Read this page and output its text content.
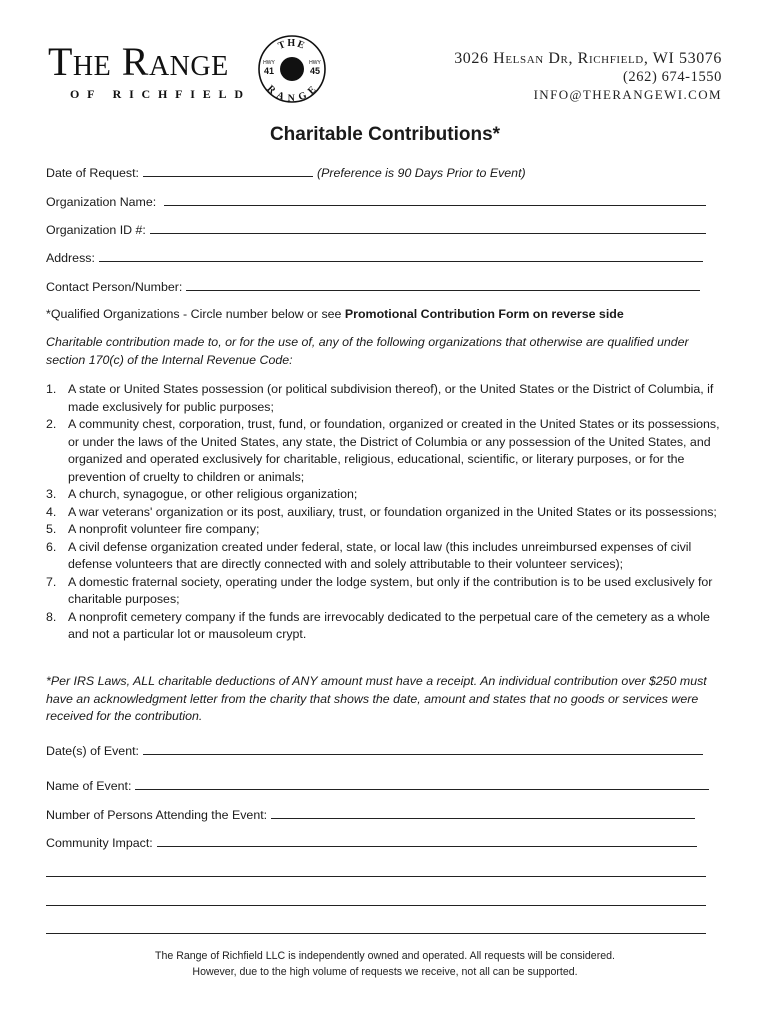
The Range
OF RICHFIELD
THE
RANGE
HWY
41
HWY
45
3026 Helsan Dr, Richfield, WI 53076
(262) 674-1550
INFO@THERANGEWI.COM
Charitable Contributions*
Date of Request:	(Preference is 90 Days Prior to Event)
Organization Name:
Organization ID #:
Address:
Contact Person/Number:
*Qualified Organizations - Circle number below or see Promotional Contribution Form on reverse side
Charitable contribution made to, or for the use of, any of the following organizations that otherwise are qualified under section 170(c) of the Internal Revenue Code:
1. A state or United States possession (or political subdivision thereof), or the United States or the District of Columbia, if made exclusively for public purposes;
2. A community chest, corporation, trust, fund, or foundation, organized or created in the United States or its possessions, or under the laws of the United States, any state, the District of Columbia or any possession of the United States, and organized and operated exclusively for charitable, religious, educational, scientific, or literary purposes, or for the prevention of cruelty to children or animals;
3. A church, synagogue, or other religious organization;
4. A war veterans' organization or its post, auxiliary, trust, or foundation organized in the United States or its possessions;
5. A nonprofit volunteer fire company;
6. A civil defense organization created under federal, state, or local law (this includes unreimbursed expenses of civil defense volunteers that are directly connected with and solely attributable to their volunteer services);
7. A domestic fraternal society, operating under the lodge system, but only if the contribution is to be used exclusively for charitable purposes;
8. A nonprofit cemetery company if the funds are irrevocably dedicated to the perpetual care of the cemetery as a whole and not a particular lot or mausoleum crypt.
*Per IRS Laws, ALL charitable deductions of ANY amount must have a receipt. An individual contribution over $250 must have an acknowledgment letter from the charity that shows the date, amount and states that no goods or services were received for the contribution.
Date(s) of Event:
Name of Event:
Number of Persons Attending the Event:
Community Impact:
The Range of Richfield LLC is independently owned and operated. All requests will be considered.
However, due to the high volume of requests we receive, not all can be supported.
